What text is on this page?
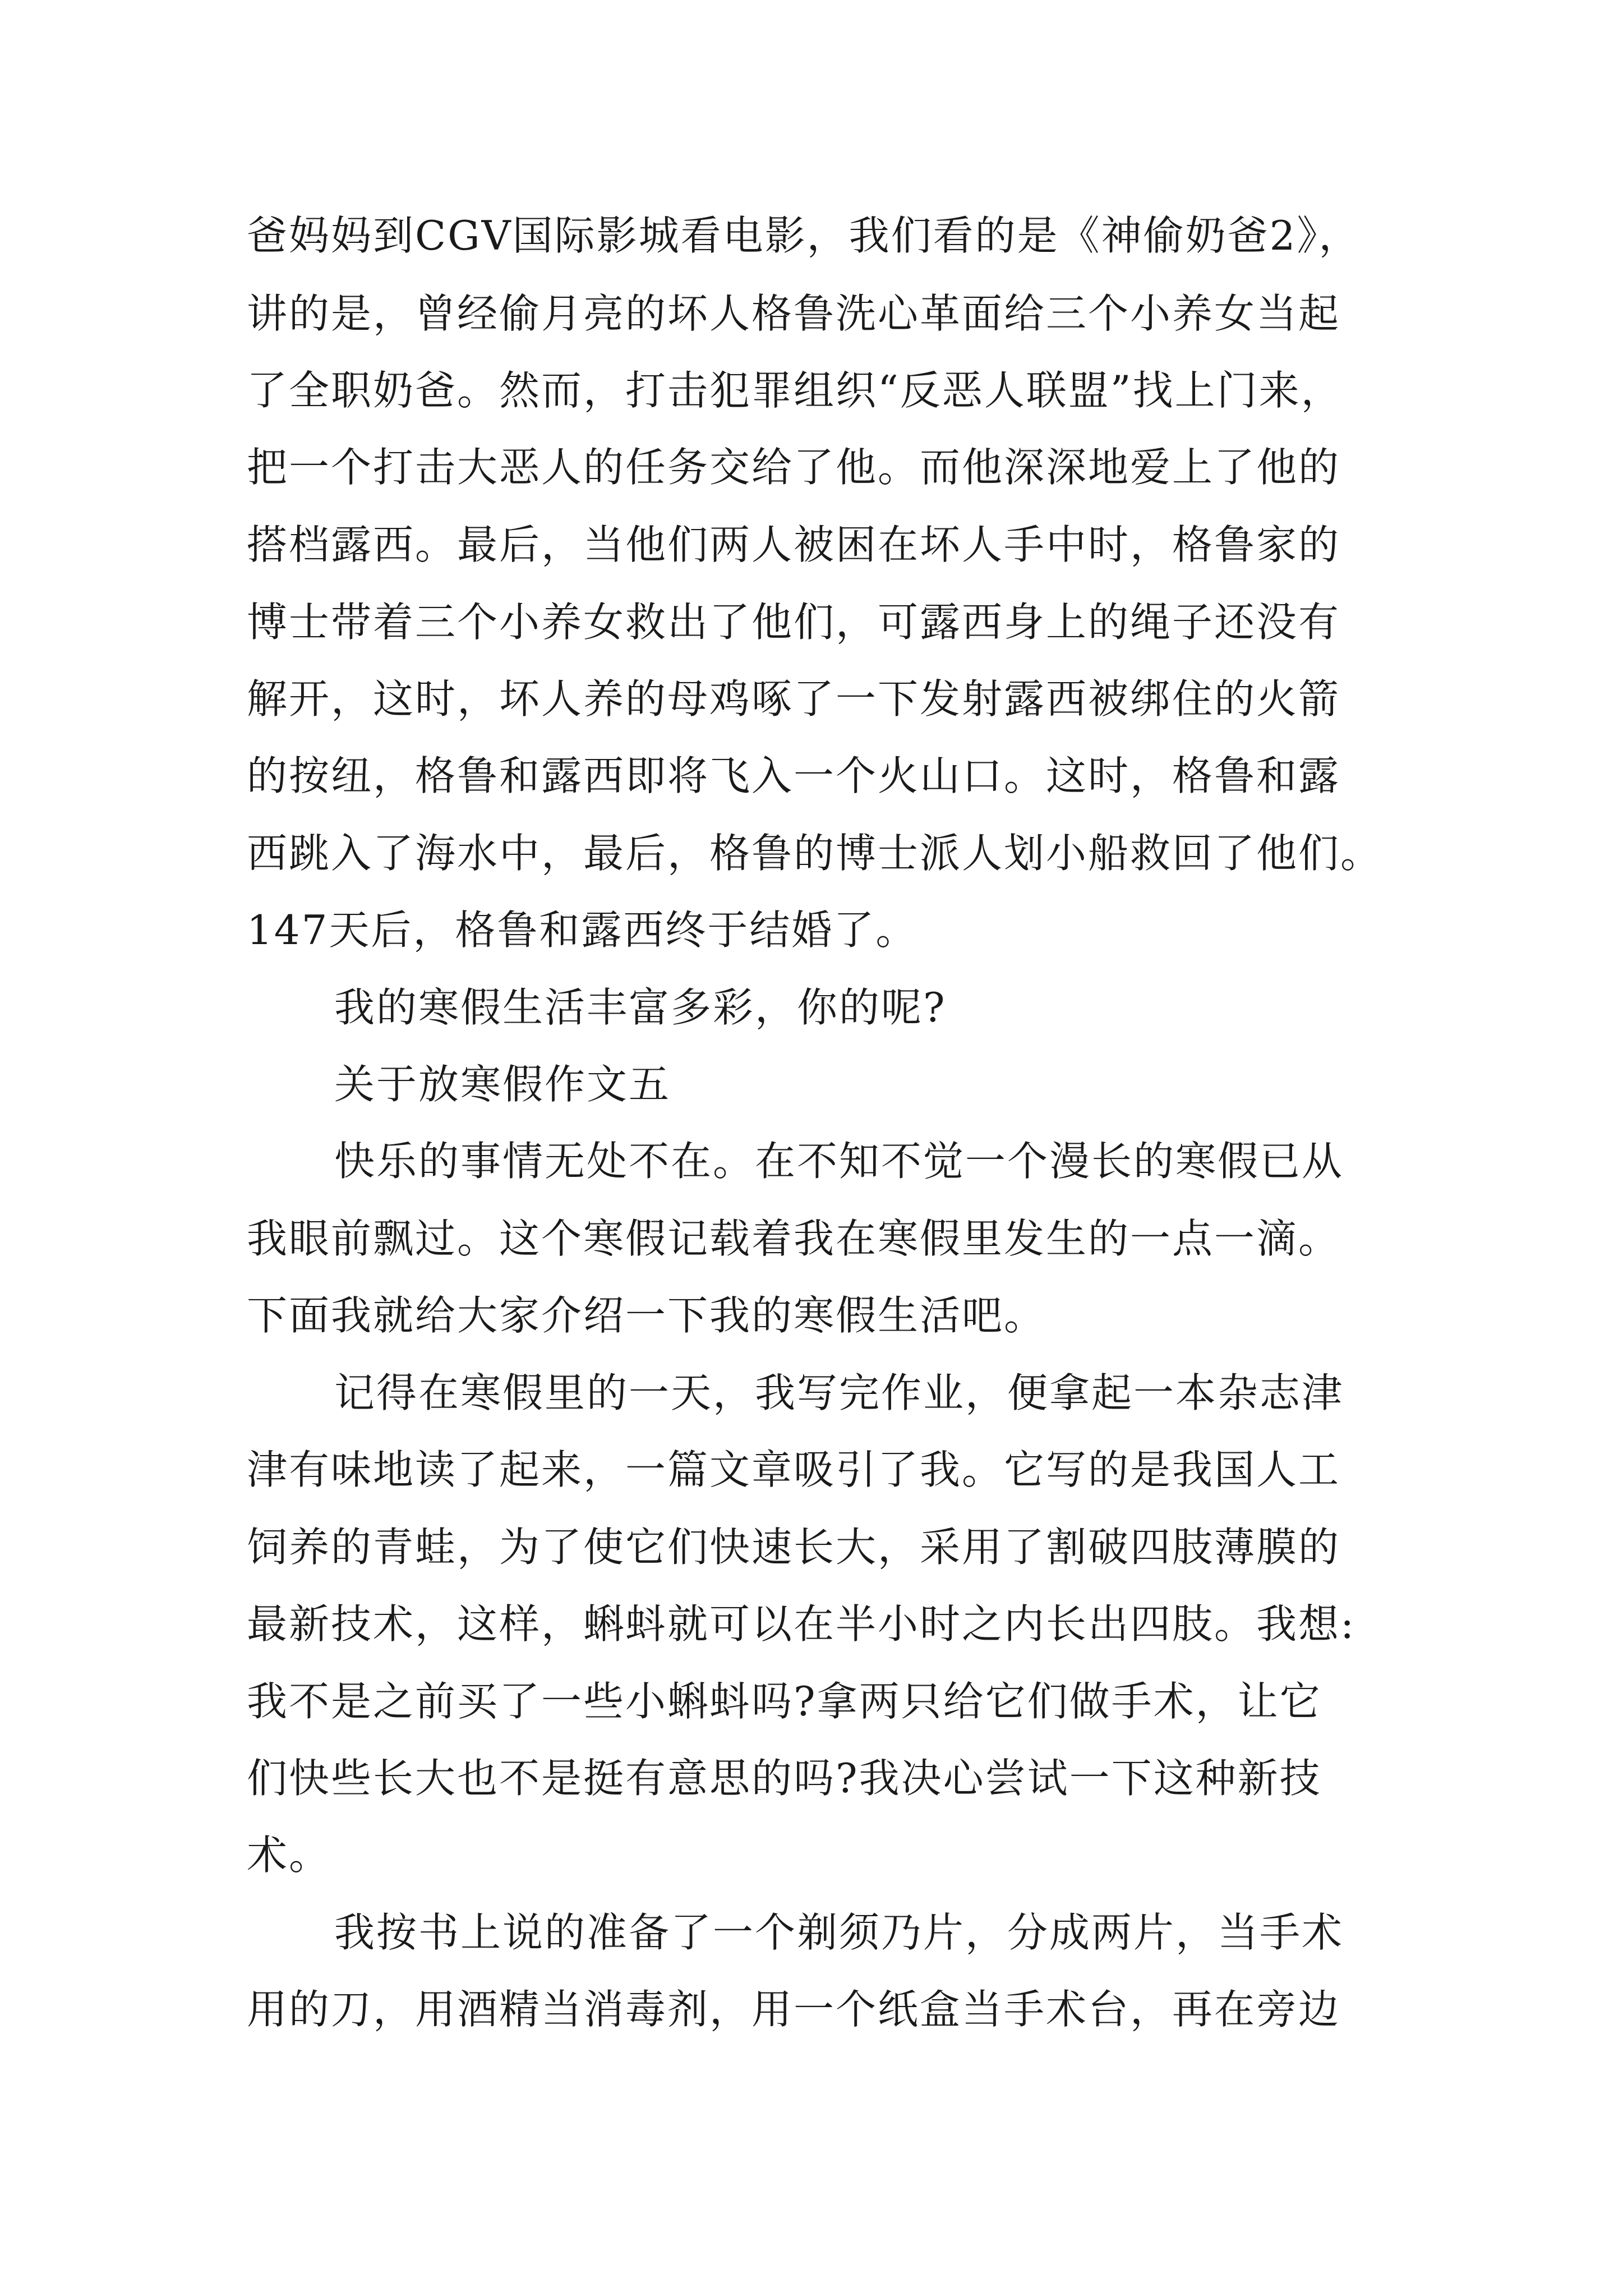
爸妈妈到CGV国际影城看电影，我们看的是《神偷奶爸2》，
讲的是，曾经偷月亮的坏人格鲁洗心革面给三个小养女当起
了全职奶爸。然而，打击犯罪组织“反恶人联盟”找上门来，
把一个打击大恶人的任务交给了他。而他深深地爱上了他的
搭档露西。最后，当他们两人被困在坏人手中时，格鲁家的
博士带着三个小养女救出了他们，可露西身上的绳子还没有
解开，这时，坏人养的母鸡啄了一下发射露西被绑住的火箭
的按纽，格鲁和露西即将飞入一个火山口。这时，格鲁和露
西跳入了海水中，最后，格鲁的博士派人划小船救回了他们。
147天后，格鲁和露西终于结婚了。
我的寒假生活丰富多彩，你的呢?
关于放寒假作文五
快乐的事情无处不在。在不知不觉一个漫长的寒假已从
我眼前飘过。这个寒假记载着我在寒假里发生的一点一滴。
下面我就给大家介绍一下我的寒假生活吧。
记得在寒假里的一天，我写完作业，便拿起一本杂志津
津有味地读了起来，一篇文章吸引了我。它写的是我国人工
饲养的青蛙，为了使它们快速长大，采用了割破四肢薄膜的
最新技术，这样，蝌蚪就可以在半小时之内长出四肢。我想:
我不是之前买了一些小蝌蚪吗?拿两只给它们做手术，让它
们快些长大也不是挺有意思的吗?我决心尝试一下这种新技
术。
我按书上说的准备了一个剃须乃片，分成两片，当手术
用的刀，用酒精当消毒剂，用一个纸盒当手术台，再在旁边
